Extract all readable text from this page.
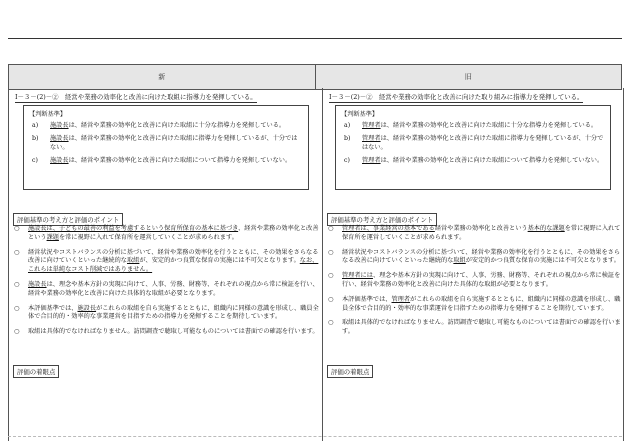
新	旧
Ⅰ－３－(2)－②　経営や業務の効率化と改善に向けた取組に指導力を発揮している。
【判断基準】
a)	施設長は、経営や業務の効率化と改善に向けた取組に十分な指導力を発揮している。
b)	施設長は、経営や業務の効率化と改善に向けた取組に指導力を発揮しているが、十分ではない。
c)	施設長は、経営や業務の効率化と改善に向けた取組について指導力を発揮していない。
評価基準の考え方と評価のポイント
○	施設長は、子どもの最善の利益を考慮するという保育所保育の基本に基づき、経営や業務の効率化と改善という課題を常に視野に入れて保育所を運営していくことが求められます。
○	経営状況やコストバランスの分析に基づいて、経営や業務の効率化を行うとともに、その効果をさらなる改善に向けていくといった継続的な取組が、安定的かつ良質な保育の実施には不可欠となります。なお、これらは単純なコスト削減ではありません。
○	施設長は、理念や基本方針の実現に向けて、人事、労務、財務等、それぞれの視点から常に検証を行い、経営や業務の効率化と改善に向けた具体的な取組が必要となります。
○	本評価基準では、施設長がこれらの取組を自ら実施するとともに、組織内に同様の意識を形成し、職員全体で合目的的・効率的な事業運営を目指すための指導力を発揮することを期待しています。
○	取組は具体的でなければなりません。訪問調査で聴取し可能なものについては書面での確認を行います。
評価の着眼点
Ⅰ－３－(2)－②　経営や業務の効率化と改善に向けた取り組みに指導力を発揮している。
【判断基準】
a)	管理者は、経営や業務の効率化と改善に向けた取組に十分な指導力を発揮している。
b)	管理者は、経営や業務の効率化と改善に向けた取組に指導力を発揮しているが、十分ではない。
c)	管理者は、経営や業務の効率化と改善に向けた取組について指導力を発揮していない。
評価基準の考え方と評価のポイント
○	管理者は、事業経営の基本である経営や業務の効率化と改善という基本的な課題を常に視野に入れて保育所を運営していくことが求められます。
○	経営状況やコストバランスの分析に基づいて、経営や業務の効率化を行うとともに、その効果をさらなる改善に向けていくといった継続的な取組が安定的かつ良質な保育の実施には不可欠となります。
○	管理者には、理念や基本方針の実現に向けて、人事、労務、財務等、それぞれの視点から常に検証を行い、経営や業務の効率化と改善に向けた具体的な取組が必要となります。
○	本評価基準では、管理者がこれらの取組を自ら実施するとともに、組織内に同様の意識を形成し、職員全体で合目的的・効率的な事業運営を目指すための指導力を発揮することを期待しています。
○	取組は具体的でなければなりません。訪問調査で聴取し可能なものについては書面での確認を行います。
評価の着眼点
